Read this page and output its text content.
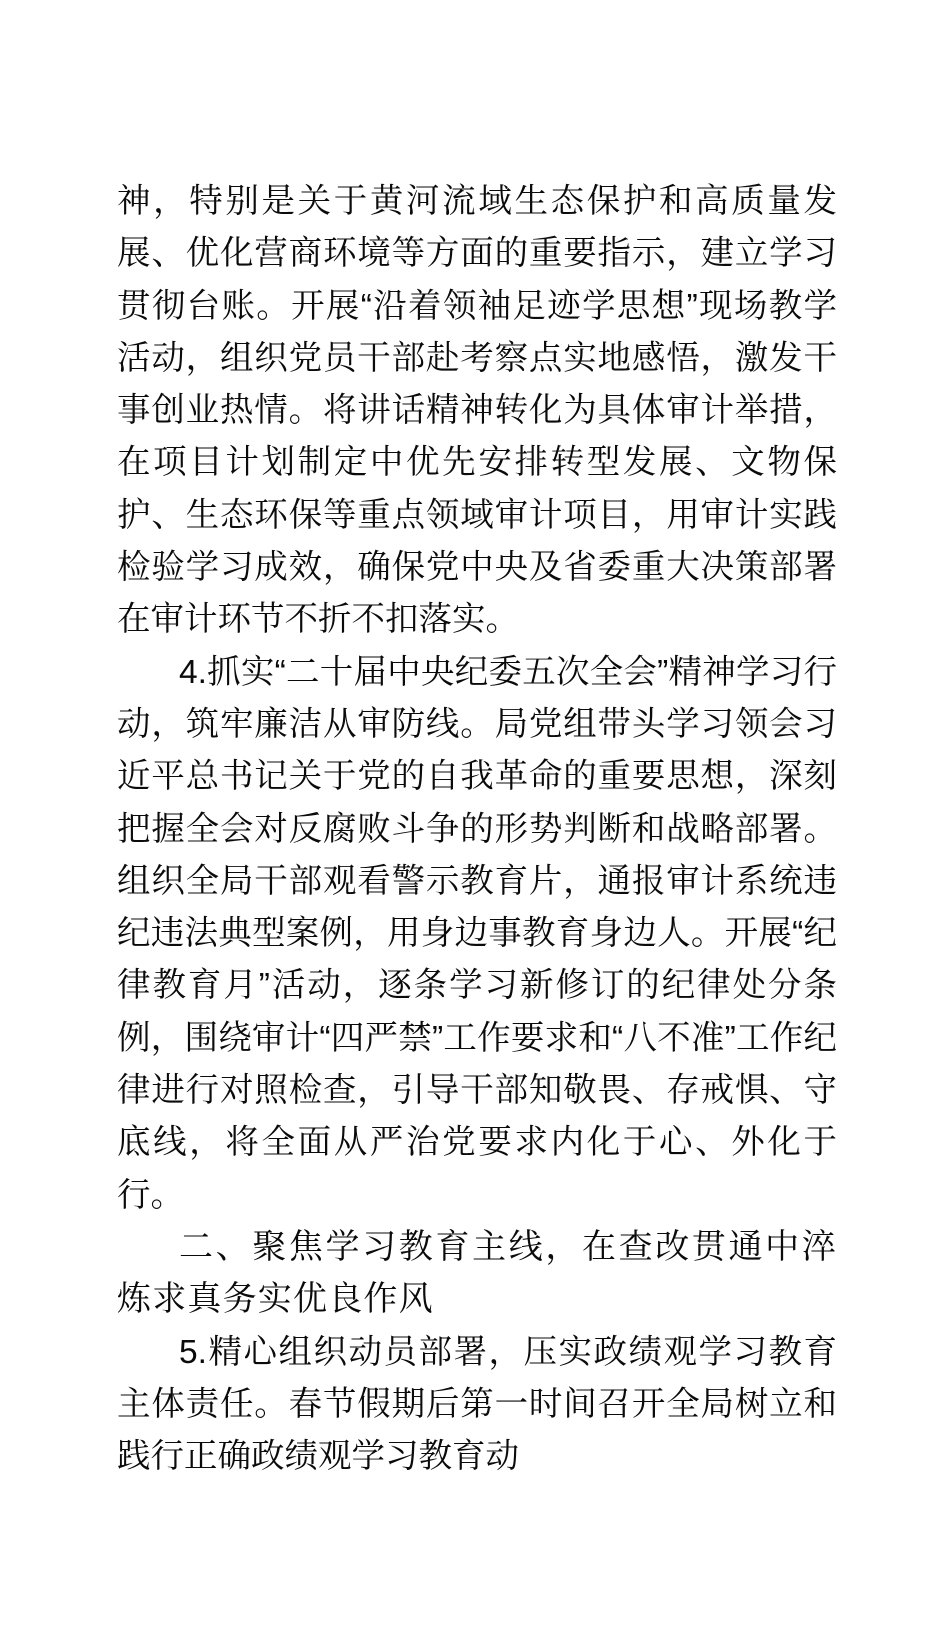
神，特别是关于黄河流域生态保护和高质量发展、优化营商环境等方面的重要指示，建立学习贯彻台账。开展“沿着领袖足迹学思想”现场教学活动，组织党员干部赴考察点实地感悟，激发干事创业热情。将讲话精神转化为具体审计举措，在项目计划制定中优先安排转型发展、文物保护、生态环保等重点领域审计项目，用审计实践检验学习成效，确保党中央及省委重大决策部署在审计环节不折不扣落实。

4.抓实“二十届中央纪委五次全会”精神学习行动，筑牢廉洁从审防线。局党组带头学习领会习近平总书记关于党的自我革命的重要思想，深刻把握全会对反腐败斗争的形势判断和战略部署。组织全局干部观看警示教育片，通报审计系统违纪违法典型案例，用身边事教育身边人。开展“纪律教育月”活动，逐条学习新修订的纪律处分条例，围绕审计“四严禁”工作要求和“八不准”工作纪律进行对照检查，引导干部知敬畏、存戒惧、守底线，将全面从严治党要求内化于心、外化于行。

二、聚焦学习教育主线，在查改贯通中淬炼求真务实优良作风

5.精心组织动员部署，压实政绩观学习教育主体责任。春节假期后第一时间召开全局树立和践行正确政绩观学习教育动
